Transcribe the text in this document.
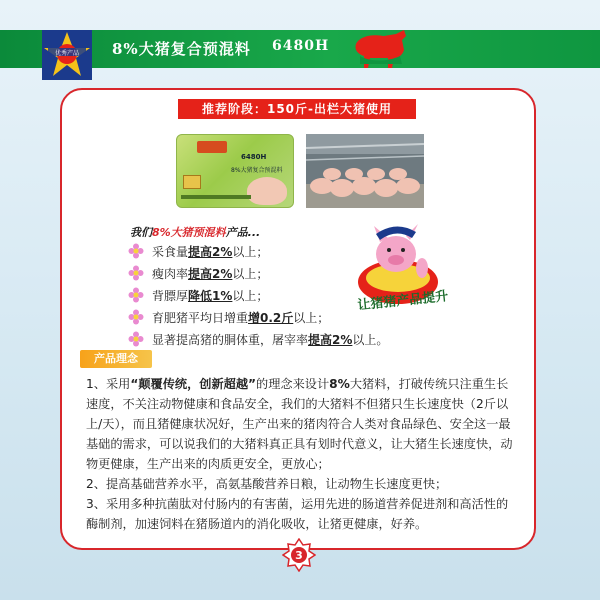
优秀产品 8%大猪复合预混料 6480H
推荐阶段：150斤-出栏大猪使用
6480H
8%大猪复合预混料
我们8%大猪预混料产品...
采食量 提高2% 以上；
瘦肉率 提高2% 以上；
背膘厚 降低1% 以上；
育肥猪平均日增重 增0.2斤 以上；
显著提高猪的胴体重，屠宰率 提高2% 以上。
让猪猪产品提升
产品理念

1、采用“颠覆传统，创新超越”的理念来设计8%大猪料，打破传统只注重生长速度，不关注动物健康和食品安全，我们的大猪料不但猪只生长速度快（2斤以上/天），而且猪健康状况好，生产出来的猪肉符合人类对食品绿色、安全这一最基础的需求，可以说我们的大猪料真正具有划时代意义，让大猪生长速度快，动物更健康，生产出来的肉质更安全，更放心；

2、提高基础营养水平，高氨基酸营养日粮，让动物生长速度更快；

3、采用多种抗菌肽对付肠内的有害菌，运用先进的肠道营养促进剂和高活性的酶制剂，加速饲料在猪肠道内的消化吸收，让猪更健康，好养。

3
